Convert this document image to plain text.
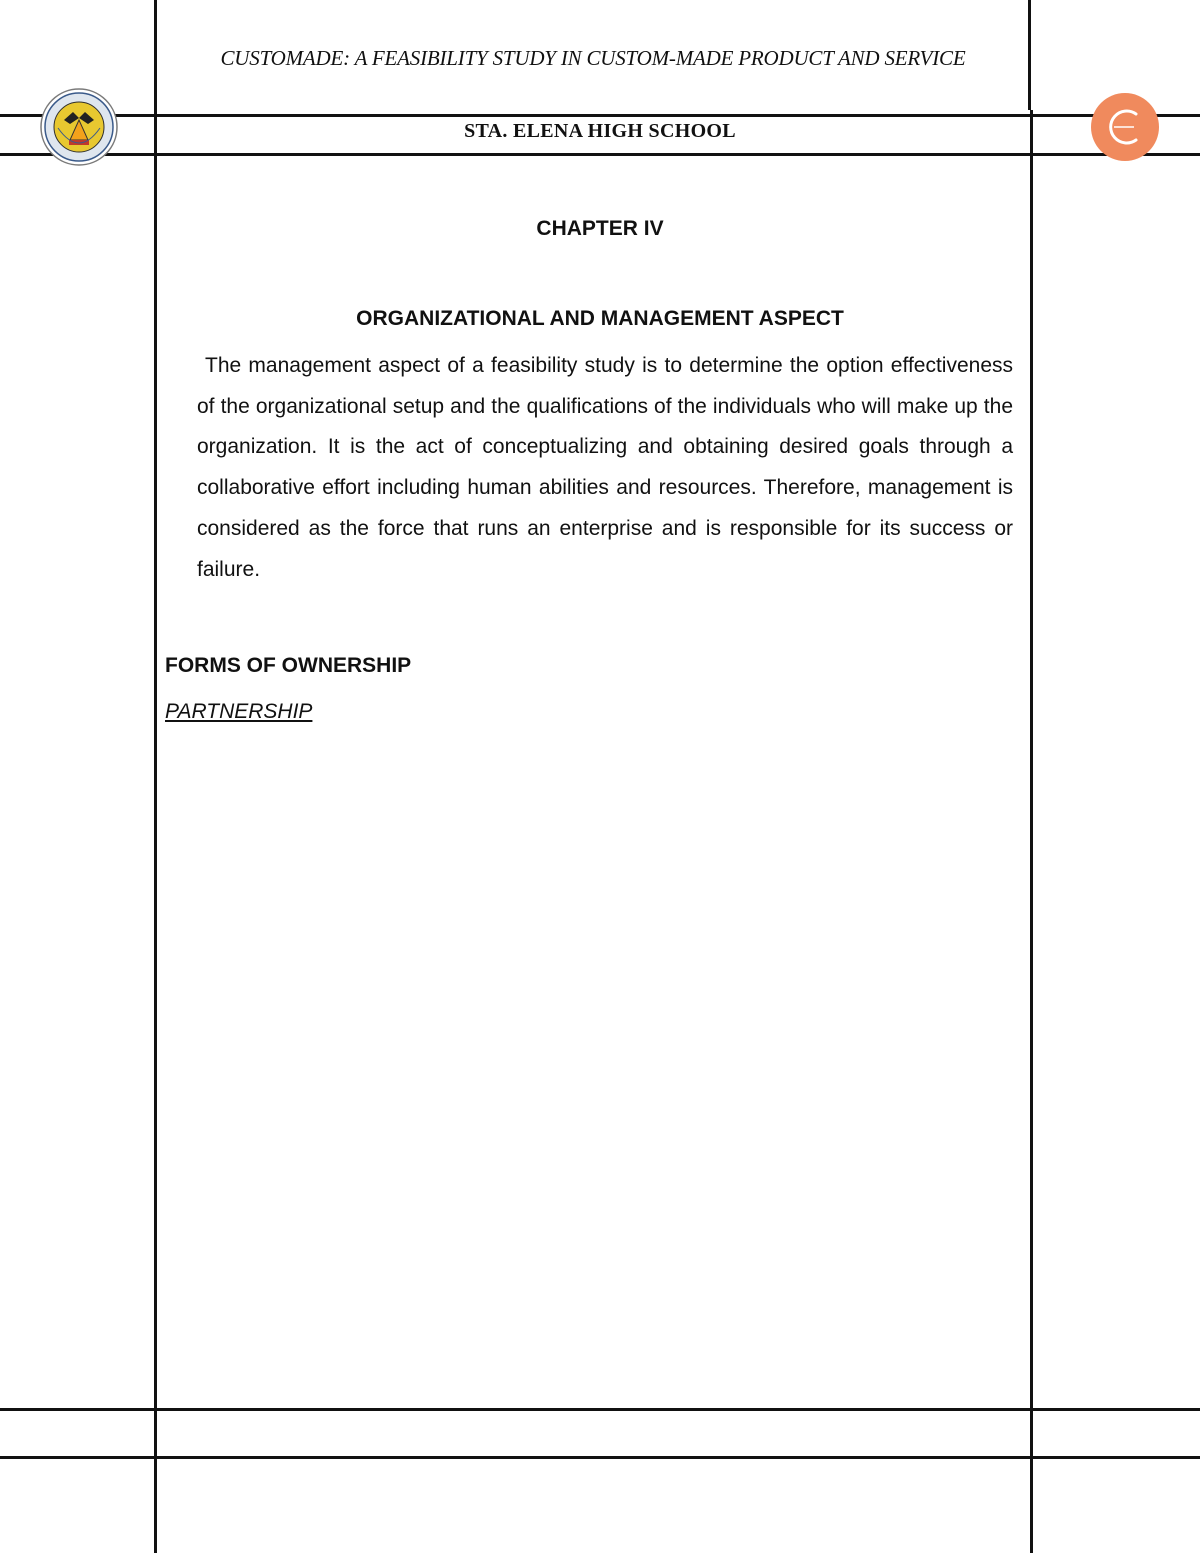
CUSTOMADE: A FEASIBILITY STUDY IN CUSTOM-MADE PRODUCT AND SERVICE
STA. ELENA HIGH SCHOOL
CHAPTER IV
ORGANIZATIONAL AND MANAGEMENT ASPECT

The management aspect of a feasibility study is to determine the option effectiveness of the organizational setup and the qualifications of the individuals who will make up the organization. It is the act of conceptualizing and obtaining desired goals through a collaborative effort including human abilities and resources. Therefore, management is considered as the force that runs an enterprise and is responsible for its success or failure.

FORMS OF OWNERSHIP
PARTNERSHIP
